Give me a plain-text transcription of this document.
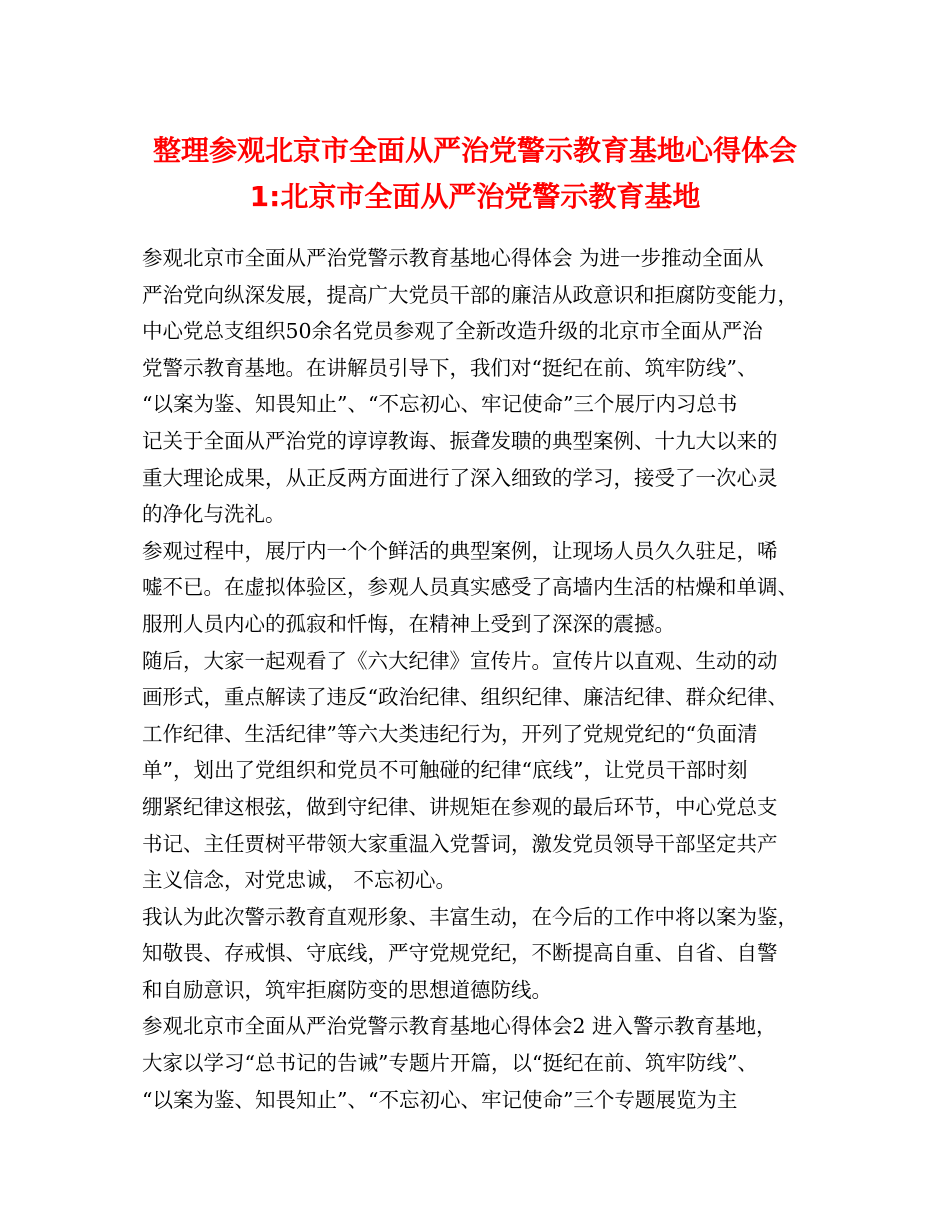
整理参观北京市全面从严治党警示教育基地心得体会
1:北京市全面从严治党警示教育基地
参观北京市全面从严治党警示教育基地心得体会 为进一步推动全面从
严治党向纵深发展，提高广大党员干部的廉洁从政意识和拒腐防变能力，
中心党总支组织50余名党员参观了全新改造升级的北京市全面从严治
党警示教育基地。在讲解员引导下，我们对“挺纪在前、筑牢防线”、
“以案为鉴、知畏知止”、“不忘初心、牢记使命”三个展厅内习总书
记关于全面从严治党的谆谆教诲、振聋发聩的典型案例、十九大以来的
重大理论成果，从正反两方面进行了深入细致的学习，接受了一次心灵
的净化与洗礼。
参观过程中，展厅内一个个鲜活的典型案例，让现场人员久久驻足，唏
嘘不已。在虚拟体验区，参观人员真实感受了高墙内生活的枯燥和单调、
服刑人员内心的孤寂和忏悔，在精神上受到了深深的震撼。
随后，大家一起观看了《六大纪律》宣传片。宣传片以直观、生动的动
画形式，重点解读了违反“政治纪律、组织纪律、廉洁纪律、群众纪律、
工作纪律、生活纪律”等六大类违纪行为，开列了党规党纪的“负面清
单”，划出了党组织和党员不可触碰的纪律“底线”，让党员干部时刻
绷紧纪律这根弦，做到守纪律、讲规矩在参观的最后环节，中心党总支
书记、主任贾树平带领大家重温入党誓词，激发党员领导干部坚定共产
主义信念，对党忠诚， 不忘初心。
我认为此次警示教育直观形象、丰富生动，在今后的工作中将以案为鉴，
知敬畏、存戒惧、守底线，严守党规党纪，不断提高自重、自省、自警
和自励意识，筑牢拒腐防变的思想道德防线。
参观北京市全面从严治党警示教育基地心得体会2 进入警示教育基地，
大家以学习“总书记的告诫”专题片开篇，以“挺纪在前、筑牢防线”、
“以案为鉴、知畏知止”、“不忘初心、牢记使命”三个专题展览为主
